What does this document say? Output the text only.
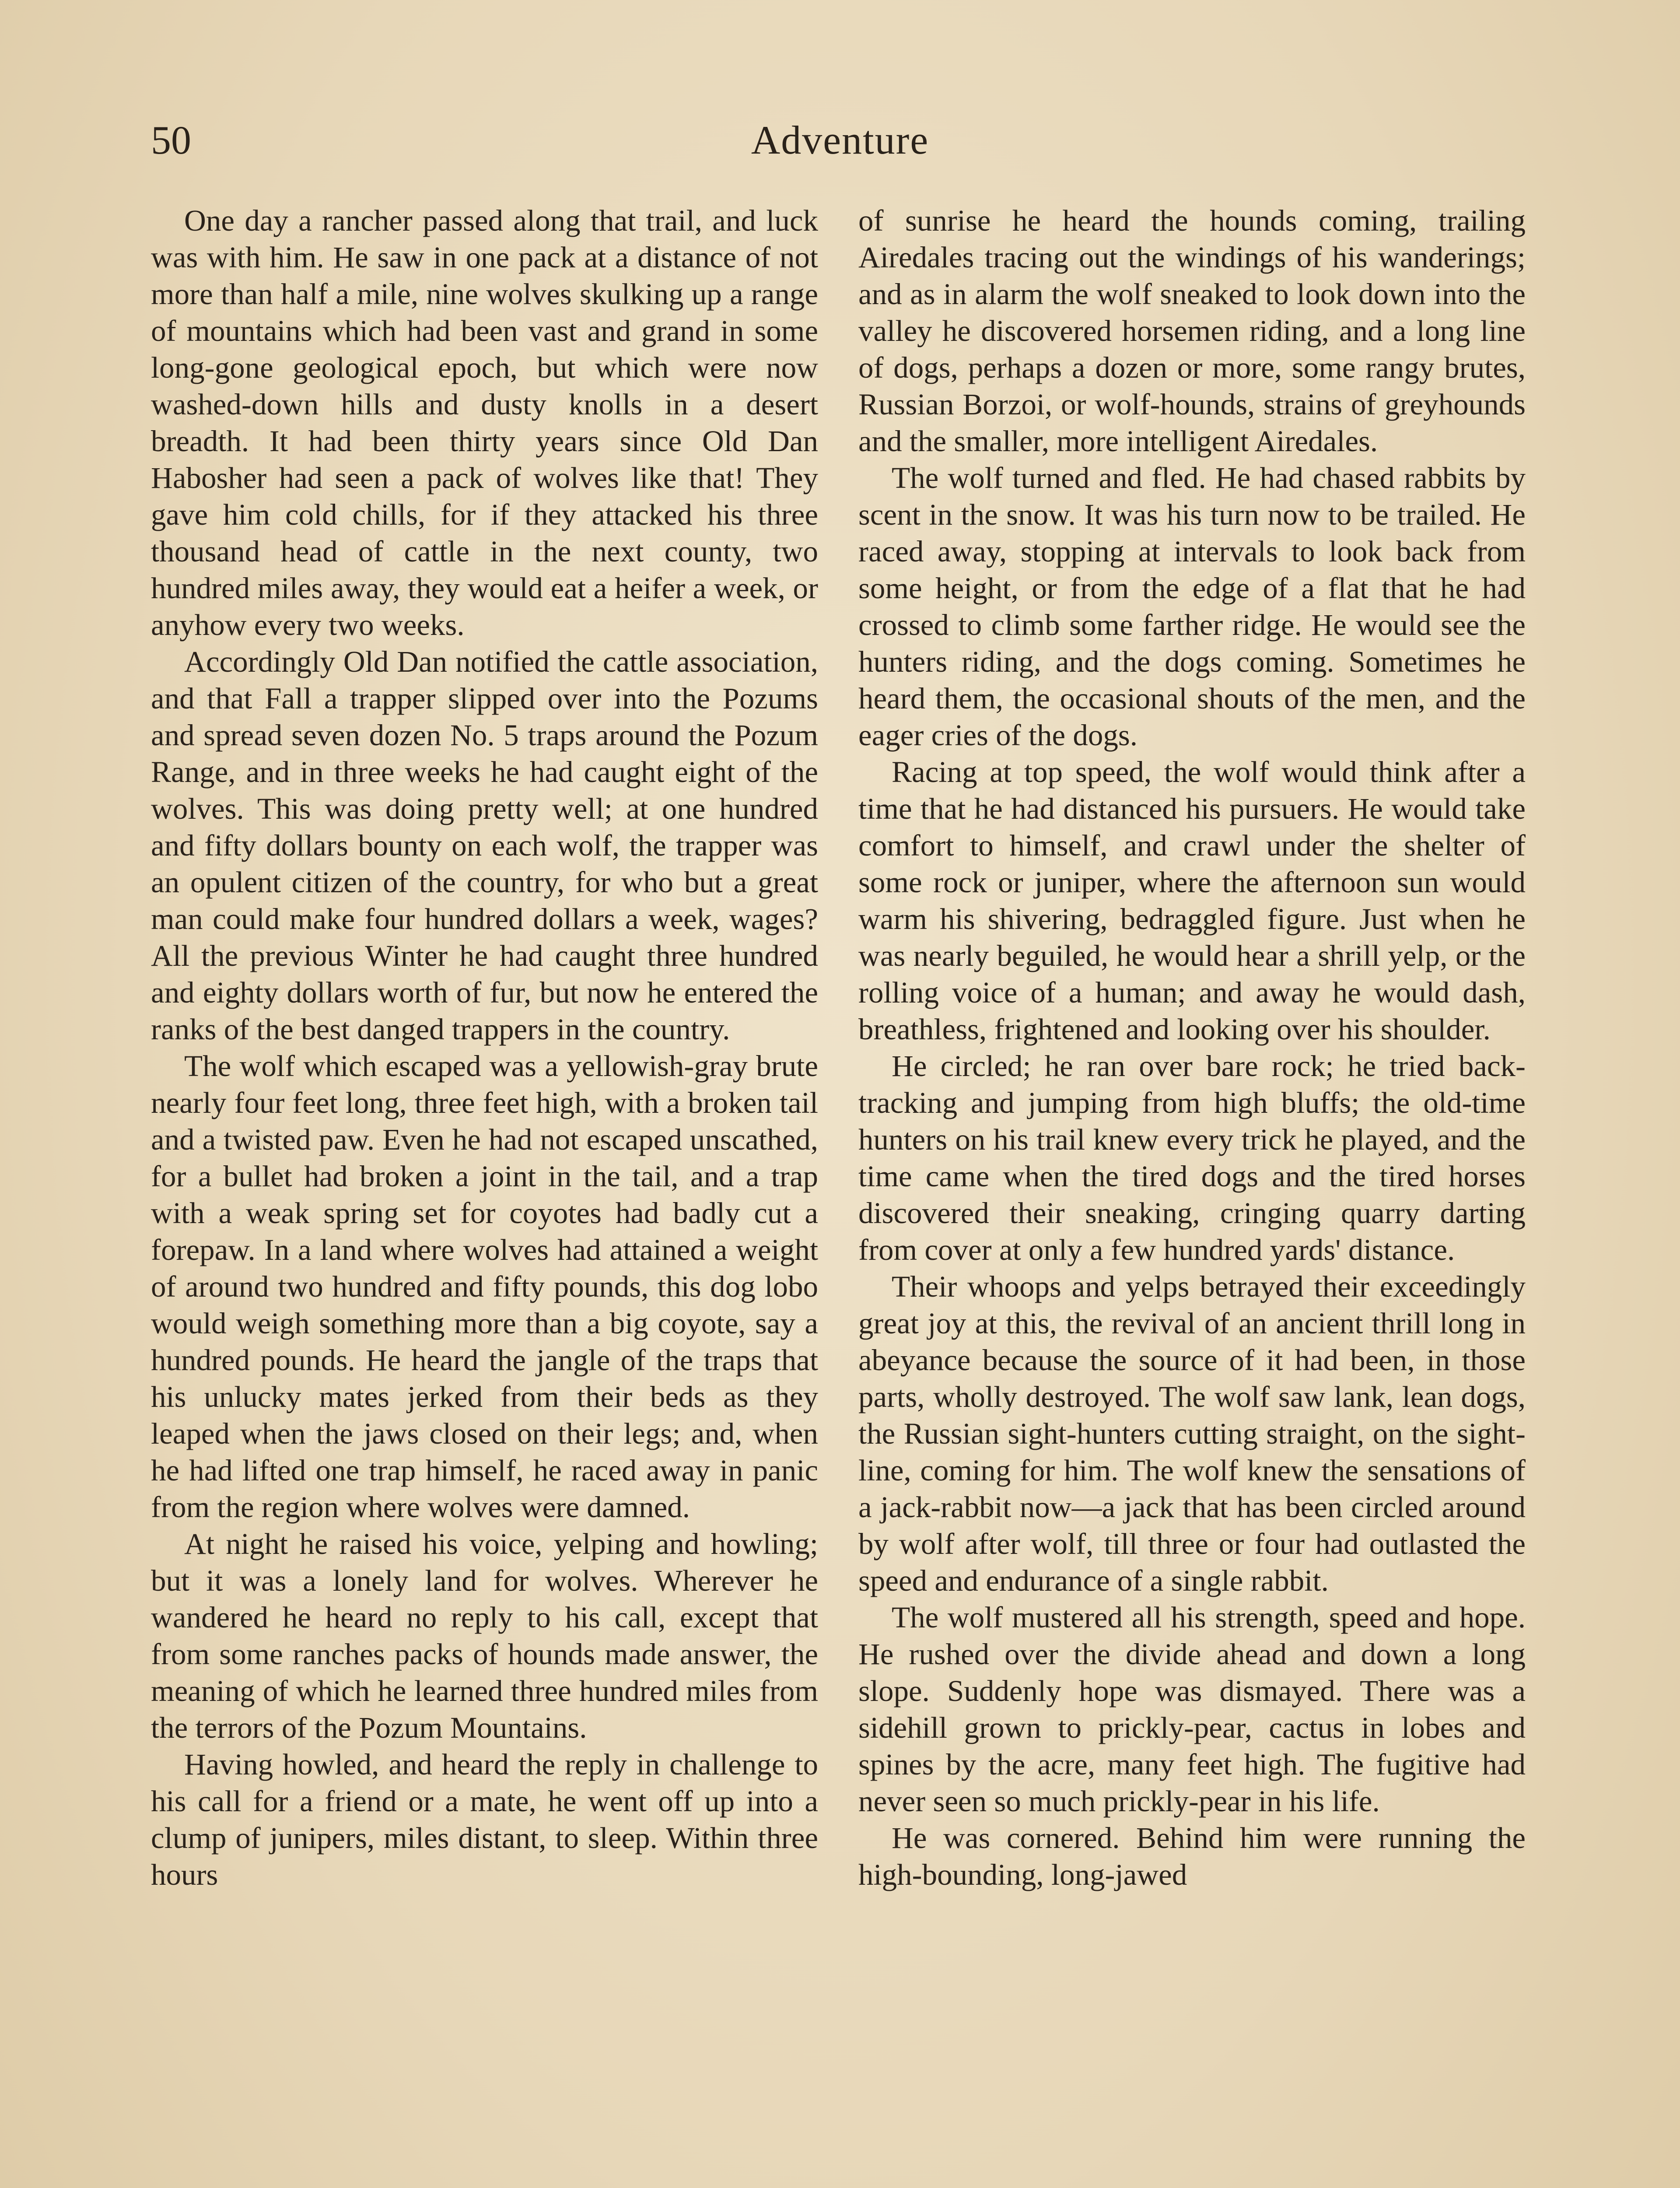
50	Adventure

One day a rancher passed along that trail, and luck was with him. He saw in one pack at a distance of not more than half a mile, nine wolves skulking up a range of mountains which had been vast and grand in some long-gone geological epoch, but which were now washed-down hills and dusty knolls in a desert breadth. It had been thirty years since Old Dan Habosher had seen a pack of wolves like that! They gave him cold chills, for if they attacked his three thousand head of cattle in the next county, two hundred miles away, they would eat a heifer a week, or anyhow every two weeks.

Accordingly Old Dan notified the cattle association, and that Fall a trapper slipped over into the Pozums and spread seven dozen No. 5 traps around the Pozum Range, and in three weeks he had caught eight of the wolves. This was doing pretty well; at one hundred and fifty dollars bounty on each wolf, the trapper was an opulent citizen of the country, for who but a great man could make four hundred dollars a week, wages? All the previous Winter he had caught three hundred and eighty dollars worth of fur, but now he entered the ranks of the best danged trappers in the country.

The wolf which escaped was a yellowish-gray brute nearly four feet long, three feet high, with a broken tail and a twisted paw. Even he had not escaped unscathed, for a bullet had broken a joint in the tail, and a trap with a weak spring set for coyotes had badly cut a forepaw. In a land where wolves had attained a weight of around two hundred and fifty pounds, this dog lobo would weigh something more than a big coyote, say a hundred pounds. He heard the jangle of the traps that his unlucky mates jerked from their beds as they leaped when the jaws closed on their legs; and, when he had lifted one trap himself, he raced away in panic from the region where wolves were damned.

At night he raised his voice, yelping and howling; but it was a lonely land for wolves. Wherever he wandered he heard no reply to his call, except that from some ranches packs of hounds made answer, the meaning of which he learned three hundred miles from the terrors of the Pozum Mountains.

Having howled, and heard the reply in challenge to his call for a friend or a mate, he went off up into a clump of junipers, miles distant, to sleep. Within three hours

of sunrise he heard the hounds coming, trailing Airedales tracing out the windings of his wanderings; and as in alarm the wolf sneaked to look down into the valley he discovered horsemen riding, and a long line of dogs, perhaps a dozen or more, some rangy brutes, Russian Borzoi, or wolf-hounds, strains of greyhounds and the smaller, more intelligent Airedales.

The wolf turned and fled. He had chased rabbits by scent in the snow. It was his turn now to be trailed. He raced away, stopping at intervals to look back from some height, or from the edge of a flat that he had crossed to climb some farther ridge. He would see the hunters riding, and the dogs coming. Sometimes he heard them, the occasional shouts of the men, and the eager cries of the dogs.

Racing at top speed, the wolf would think after a time that he had distanced his pursuers. He would take comfort to himself, and crawl under the shelter of some rock or juniper, where the afternoon sun would warm his shivering, bedraggled figure. Just when he was nearly beguiled, he would hear a shrill yelp, or the rolling voice of a human; and away he would dash, breathless, frightened and looking over his shoulder.

He circled; he ran over bare rock; he tried back-tracking and jumping from high bluffs; the old-time hunters on his trail knew every trick he played, and the time came when the tired dogs and the tired horses discovered their sneaking, cringing quarry darting from cover at only a few hundred yards' distance.

Their whoops and yelps betrayed their exceedingly great joy at this, the revival of an ancient thrill long in abeyance because the source of it had been, in those parts, wholly destroyed. The wolf saw lank, lean dogs, the Russian sight-hunters cutting straight, on the sight-line, coming for him. The wolf knew the sensations of a jack-rabbit now—a jack that has been circled around by wolf after wolf, till three or four had outlasted the speed and endurance of a single rabbit.

The wolf mustered all his strength, speed and hope. He rushed over the divide ahead and down a long slope. Suddenly hope was dismayed. There was a sidehill grown to prickly-pear, cactus in lobes and spines by the acre, many feet high. The fugitive had never seen so much prickly-pear in his life.

He was cornered. Behind him were running the high-bounding, long-jawed
